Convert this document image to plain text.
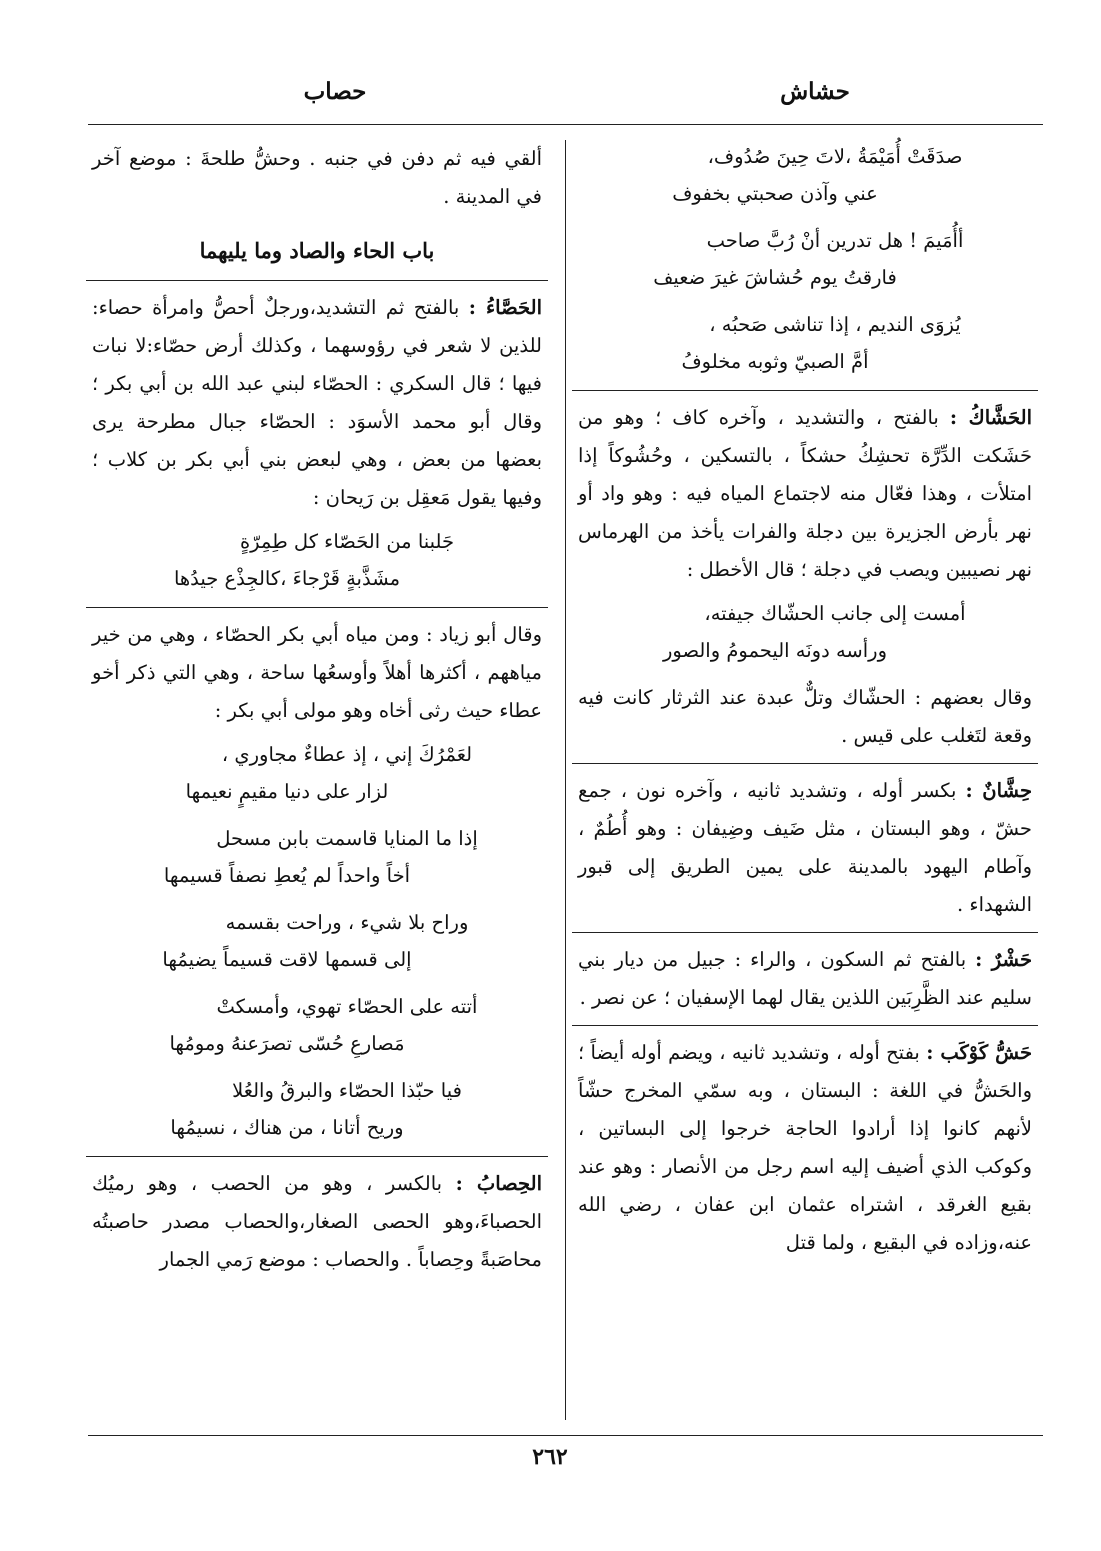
حشاش
حصاب
صدَقَتْ أُمَيْمَةُ ،لاتَ حِينَ صُدُوف،
عني وآذن صحبتي بخفوف
أأُمَيمَ ! هل تدرين أنْ رُبَّ صاحب
فارقتُ يوم حُشاشَ غيرَ ضعيف
يُزوَى النديم ، إذا تناشى صَحبُه ،
أمَّ الصبيّ وثوبه مخلوفُ

الحَشَّاكُ : بالفتح ، والتشديد ، وآخره كاف ؛ وهو من حَشَكت الدِّرَّة تحشِكُ حشكاً ، بالتسكين ، وحُشُوكاً إذا امتلأت ، وهذا فعّال منه لاجتماع المياه فيه : وهو واد أو نهر بأرض الجزيرة بين دجلة والفرات يأخذ من الهرماس نهر نصيبين ويصب في دجلة ؛ قال الأخطل :

أمست إلى جانب الحشّاك جيفته،
ورأسه دونَه اليحمومُ والصور

وقال بعضهم : الحشّاك وتلٌّ عبدة عند الثرثار كانت فيه وقعة لتَغلب على قيس .

حِشَّانٌ : بكسر أوله ، وتشديد ثانيه ، وآخره نون ، جمع حشّ ، وهو البستان ، مثل ضَيف وضِيفان : وهو أُطُمٌ ، وآطام اليهود بالمدينة على يمين الطريق إلى قبور الشهداء .

حَشْرٌ : بالفتح ثم السكون ، والراء : جبيل من ديار بني سليم عند الظَّرِبَين اللذين يقال لهما الإسفيان ؛ عن نصر .

حَشُّ كَوْكَب : بفتح أوله ، وتشديد ثانيه ، ويضم أوله أيضاً ؛ والحَشُّ في اللغة : البستان ، وبه سمّي المخرج حشّاً لأنهم كانوا إذا أرادوا الحاجة خرجوا إلى البساتين ، وكوكب الذي أضيف إليه اسم رجل من الأنصار : وهو عند بقيع الغرقد ، اشتراه عثمان ابن عفان ، رضي الله عنه،وزاده في البقيع ، ولما قتل

ألقي فيه ثم دفن في جنبه . وحشُّ طلحةَ : موضع آخر في المدينة .

باب الحاء والصاد وما يليهما

الحَصَّاءُ : بالفتح ثم التشديد،ورجلٌ أحصُّ وامرأة حصاء: للذين لا شعر في رؤوسهما ، وكذلك أرض حصّاء:لا نبات فيها ؛ قال السكري : الحصّاء لبني عبد الله بن أبي بكر ؛ وقال أبو محمد الأسوَد : الحصّاء جبال مطرحة يرى بعضها من بعض ، وهي لبعض بني أبي بكر بن كلاب ؛ وفيها يقول مَعقِل بن رَيحان :

جَلبنا من الحَصّاء كل طِمِرّةٍ
مشَذَّبةٍ قَرْجاءَ ،كالجِذْع جيدُها

وقال أبو زياد : ومن مياه أبي بكر الحصّاء ، وهي من خير مياههم ، أكثرها أهلاً وأوسعُها ساحة ، وهي التي ذكر أخو عطاء حيث رثى أخاه وهو مولى أبي بكر :

لعَمْرُكَ إني ، إذ عطاءٌ مجاوري ،
لزار على دنيا مقيمٍ نعيمها
إذا ما المنايا قاسمت بابن مسحل
أخاً واحداً لم يُعطِ نصفاً قسيمها
وراح بلا شيء ، وراحت بقسمه
إلى قسمها لاقت قسيماً يضيمُها
أتته على الحصّاء تهوي، وأمسكتْ
مَصارعِ حُسّى تصرَعنهُ ومومُها
فيا حبّذا الحصّاء والبرقُ والعُلا
وريح أتانا ، من هناك ، نسيمُها

الحِصابُ : بالكسر ، وهو من الحصب ، وهو رميُك الحصباءَ،وهو الحصى الصغار،والحصاب مصدر حاصبتُه محاصَبةً وحِصاباً . والحصاب : موضع رَمي الجمار

٢٦٢
